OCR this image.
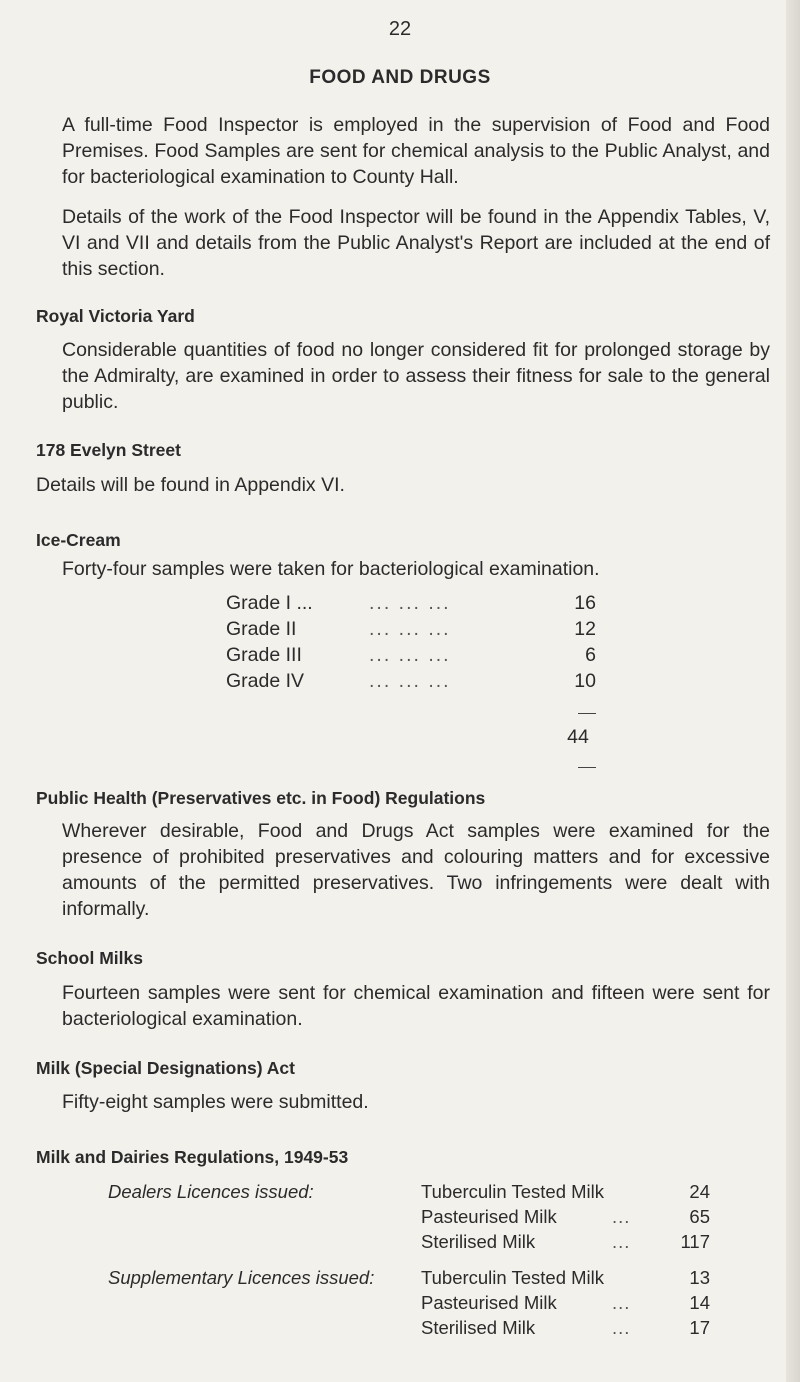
22
FOOD AND DRUGS
A full-time Food Inspector is employed in the supervision of Food and Food Premises. Food Samples are sent for chemical analysis to the Public Analyst, and for bacteriological examination to County Hall.
Details of the work of the Food Inspector will be found in the Appendix Tables, V, VI and VII and details from the Public Analyst's Report are included at the end of this section.
Royal Victoria Yard
Considerable quantities of food no longer considered fit for prolonged storage by the Admiralty, are examined in order to assess their fitness for sale to the general public.
178 Evelyn Street
Details will be found in Appendix VI.
Ice-Cream
Forty-four samples were taken for bacteriological examination.
Grade I ...	... ... ...	16
Grade II	... ... ...	12
Grade III	... ... ...	6
Grade IV	... ... ...	10
44
Public Health (Preservatives etc. in Food) Regulations
Wherever desirable, Food and Drugs Act samples were examined for the presence of prohibited preservatives and colouring matters and for excessive amounts of the permitted preservatives. Two infringements were dealt with informally.
School Milks
Fourteen samples were sent for chemical examination and fifteen were sent for bacteriological examination.
Milk (Special Designations) Act
Fifty-eight samples were submitted.
Milk and Dairies Regulations, 1949-53
Dealers Licences issued:	Tuberculin Tested Milk	24
Pasteurised Milk	...	65
Sterilised Milk	...	117
Supplementary Licences issued:	Tuberculin Tested Milk	13
Pasteurised Milk	...	14
Sterilised Milk	...	17
